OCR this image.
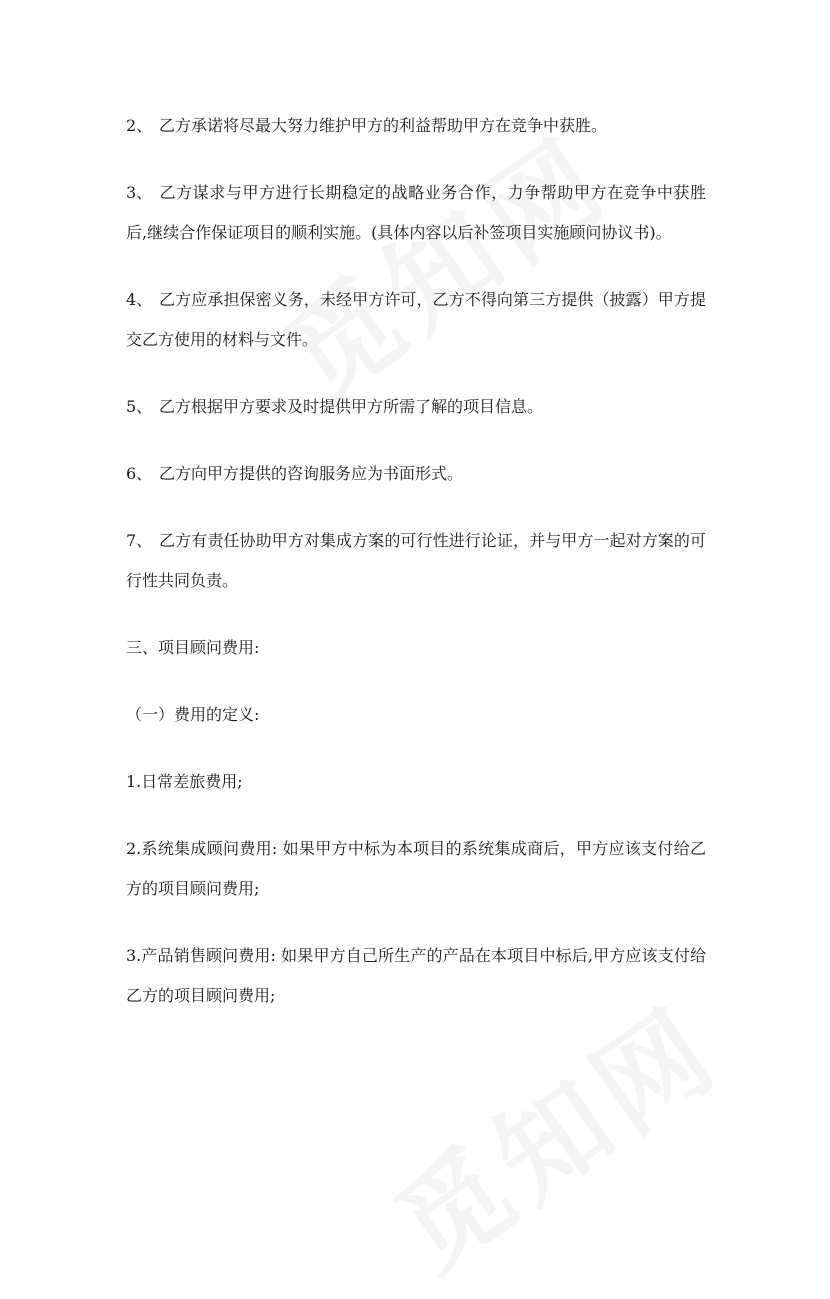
2、 乙方承诺将尽最大努力维护甲方的利益帮助甲方在竞争中获胜。

3、 乙方谋求与甲方进行长期稳定的战略业务合作，力争帮助甲方在竞争中获胜后,继续合作保证项目的顺利实施。(具体内容以后补签项目实施顾问协议书)。

4、 乙方应承担保密义务，未经甲方许可，乙方不得向第三方提供（披露）甲方提交乙方使用的材料与文件。

5、 乙方根据甲方要求及时提供甲方所需了解的项目信息。

6、 乙方向甲方提供的咨询服务应为书面形式。

7、 乙方有责任协助甲方对集成方案的可行性进行论证，并与甲方一起对方案的可行性共同负责。

三、项目顾问费用:

（一）费用的定义:

1.日常差旅费用;

2.系统集成顾问费用: 如果甲方中标为本项目的系统集成商后，甲方应该支付给乙方的项目顾问费用;

3.产品销售顾问费用: 如果甲方自己所生产的产品在本项目中标后,甲方应该支付给乙方的项目顾问费用;
